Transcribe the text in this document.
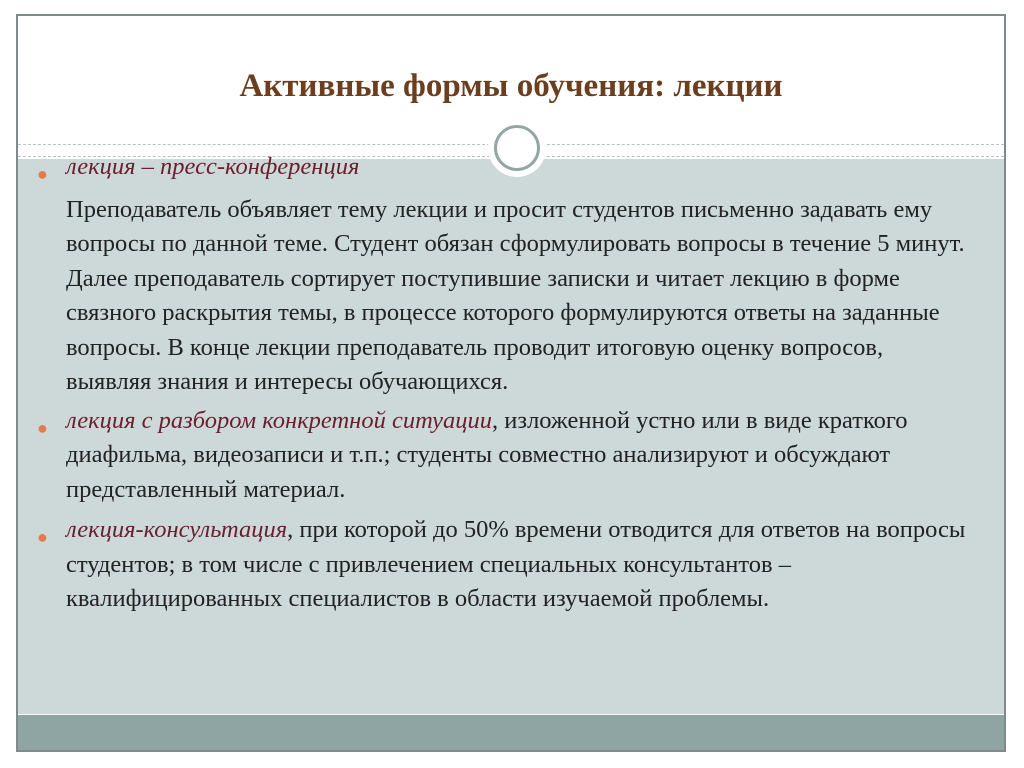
Активные формы обучения: лекции
● лекция – пресс-конференция
Преподаватель объявляет тему лекции и просит студентов письменно задавать ему вопросы по данной теме. Студент обязан сформулировать вопросы в течение 5 минут. Далее преподаватель сортирует поступившие записки и читает лекцию в форме связного раскрытия темы, в процессе которого формулируются ответы на заданные вопросы. В конце лекции преподаватель проводит итоговую оценку вопросов, выявляя знания и интересы обучающихся.
● лекция с разбором конкретной ситуации, изложенной устно или в виде краткого диафильма, видеозаписи и т.п.; студенты совместно анализируют и обсуждают представленный материал.
● лекция-консультация, при которой до 50% времени отводится для ответов на вопросы студентов; в том числе с привлечением специальных консультантов – квалифицированных специалистов в области изучаемой проблемы.
